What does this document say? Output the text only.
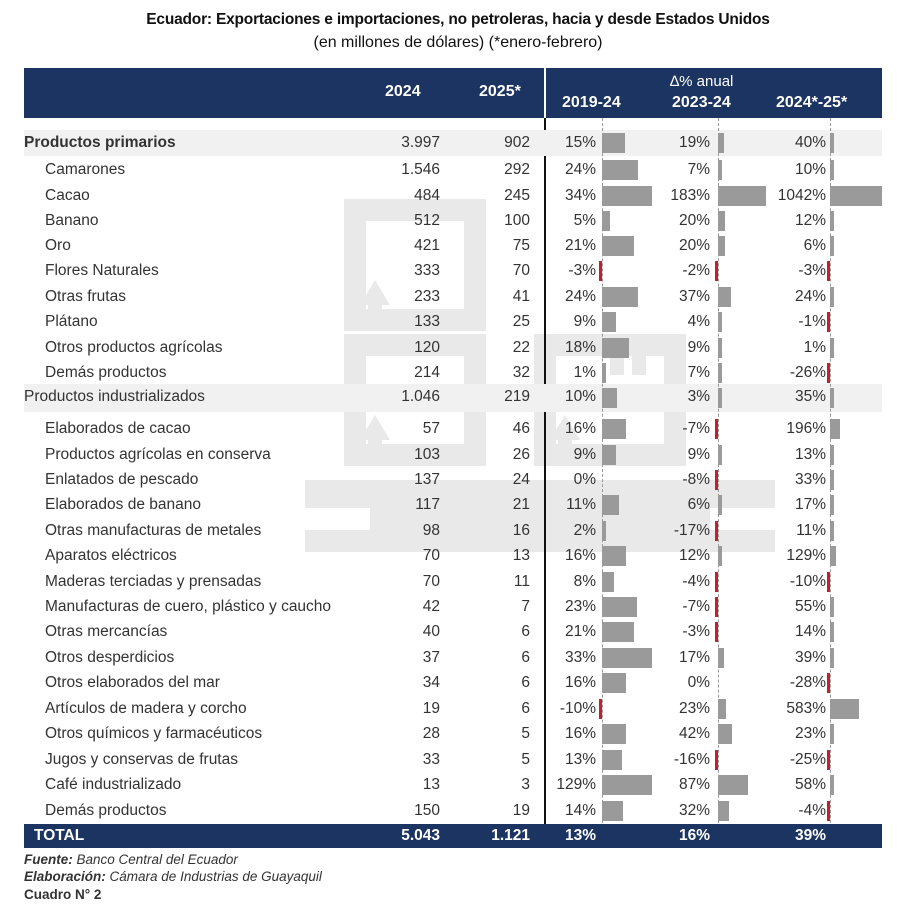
Ecuador: Exportaciones e importaciones, no petroleras, hacia y desde Estados Unidos
(en millones de dólares) (*enero-febrero)
2024	2025*
∆% anual
2019-24	2023-24	2024*-25*
Productos primarios	3.997	902 15%	19%	40%
Camarones	1.546	292 24%	7%	10%
Cacao	484	245 34%	183%	1042%
Banano	512	100	5%	20%	12%
Oro	421	75 21%	20%	6%
Flores Naturales	333	70 -3%	-2%	-3%
Otras frutas	233	41 24%	37%	24%
Plátano	133	25	9%	4%	-1%
Otros productos agrícolas	120	22 18%	9%	1%
Demás productos	214	32	1%	7%	-26%
Productos industrializados	1.046	219 10%	3%	35%
Elaborados de cacao	57	46 16%	-7%	196%
Productos agrícolas en conserva	103	26	9%	9%	13%
Enlatados de pescado	137	24	0%	-8%	33%
Elaborados de banano	117	21 11%	6%	17%
Otras manufacturas de metales	98	16	2%	-17%	11%
Aparatos eléctricos	70	13 16%	12%	129%
Maderas terciadas y prensadas	70	11	8%	-4%	-10%
Manufacturas de cuero, plástico y caucho	42	7 23%	-7%	55%
Otras mercancías	40	6 21%	-3%	14%
Otros desperdicios	37	6 33%	17%	39%
Otros elaborados del mar	34	6 16%	0%	-28%
Artículos de madera y corcho	19	6 -10%	23%	583%
Otros químicos y farmacéuticos	28	5 16%	42%	23%
Jugos y conservas de frutas	33	5 13%	-16%	-25%
Café industrializado	13	3 129%	87%	58%
Demás productos	150	19 14%	32%	-4%
TOTAL	5.043	1.121 13%	16%	39%
Fuente: Banco Central del Ecuador
Elaboración: Cámara de Industrias de Guayaquil
Cuadro N° 2
